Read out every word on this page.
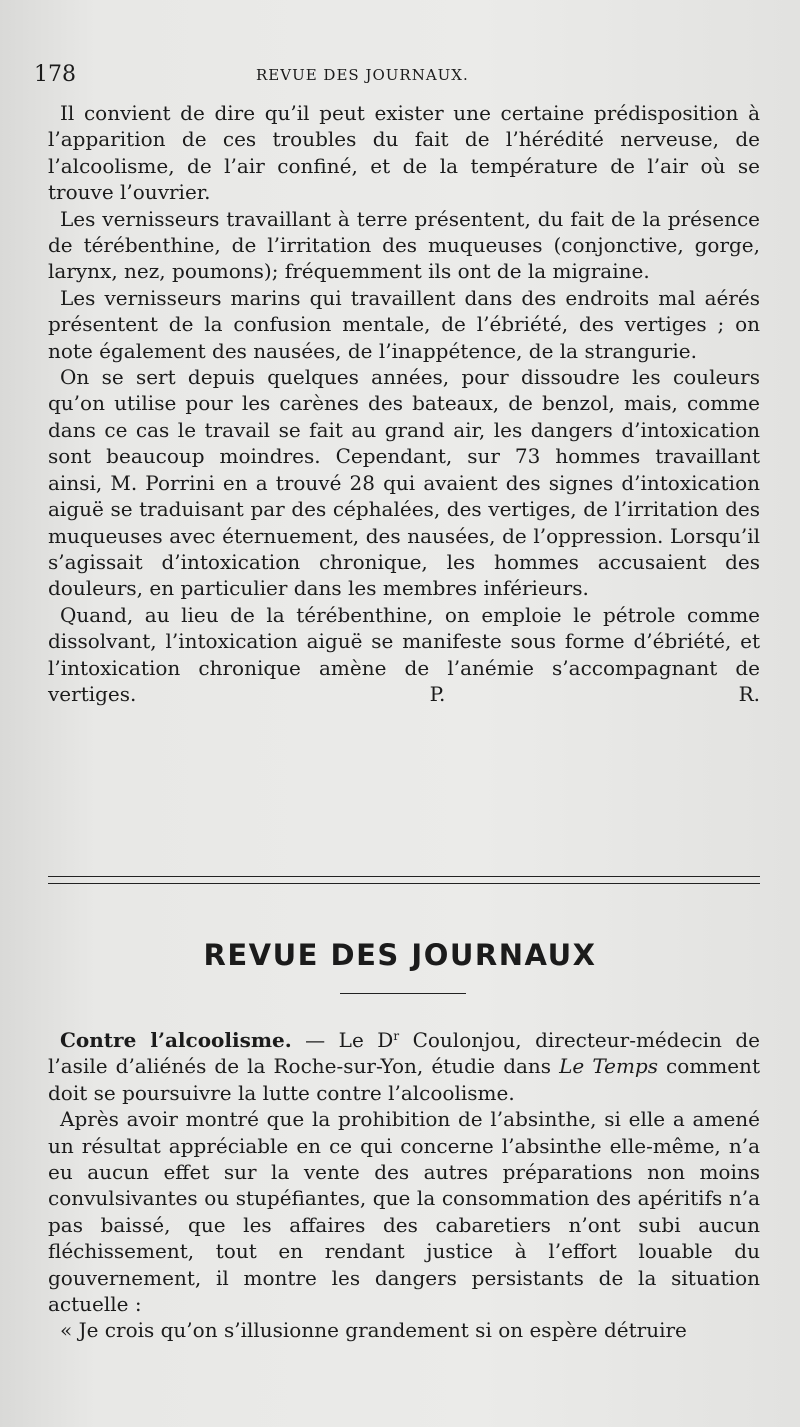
178	REVUE DES JOURNAUX.

Il convient de dire qu’il peut exister une certaine prédisposition à l’apparition de ces troubles du fait de l’hérédité nerveuse, de l’alcoolisme, de l’air confiné, et de la température de l’air où se trouve l’ouvrier.

Les vernisseurs travaillant à terre présentent, du fait de la présence de térébenthine, de l’irritation des muqueuses (conjonctive, gorge, larynx, nez, poumons); fréquemment ils ont de la migraine.

Les vernisseurs marins qui travaillent dans des endroits mal aérés présentent de la confusion mentale, de l’ébriété, des vertiges ; on note également des nausées, de l’inappétence, de la strangurie.

On se sert depuis quelques années, pour dissoudre les couleurs qu’on utilise pour les carènes des bateaux, de benzol, mais, comme dans ce cas le travail se fait au grand air, les dangers d’intoxication sont beaucoup moindres. Cependant, sur 73 hommes travaillant ainsi, M. Porrini en a trouvé 28 qui avaient des signes d’intoxication aiguë se traduisant par des céphalées, des vertiges, de l’irritation des muqueuses avec éternuement, des nausées, de l’oppression. Lorsqu’il s’agissait d’intoxication chronique, les hommes accusaient des douleurs, en particulier dans les membres inférieurs.

Quand, au lieu de la térébenthine, on emploie le pétrole comme dissolvant, l’intoxication aiguë se manifeste sous forme d’ébriété, et l’intoxication chronique amène de l’anémie s’accompagnant de vertiges.	P. R.

REVUE DES JOURNAUX

Contre l’alcoolisme. — Le $D^r$ Coulonjou, directeur-médecin de l’asile d’aliénés de la Roche-sur-Yon, étudie dans Le Temps comment doit se poursuivre la lutte contre l’alcoolisme.

Après avoir montré que la prohibition de l’absinthe, si elle a amené un résultat appréciable en ce qui concerne l’absinthe elle-même, n’a eu aucun effet sur la vente des autres préparations non moins convulsivantes ou stupéfiantes, que la consommation des apéritifs n’a pas baissé, que les affaires des cabaretiers n’ont subi aucun fléchissement, tout en rendant justice à l’effort louable du gouvernement, il montre les dangers persistants de la situation actuelle :

« Je crois qu’on s’illusionne grandement si on espère détruire
